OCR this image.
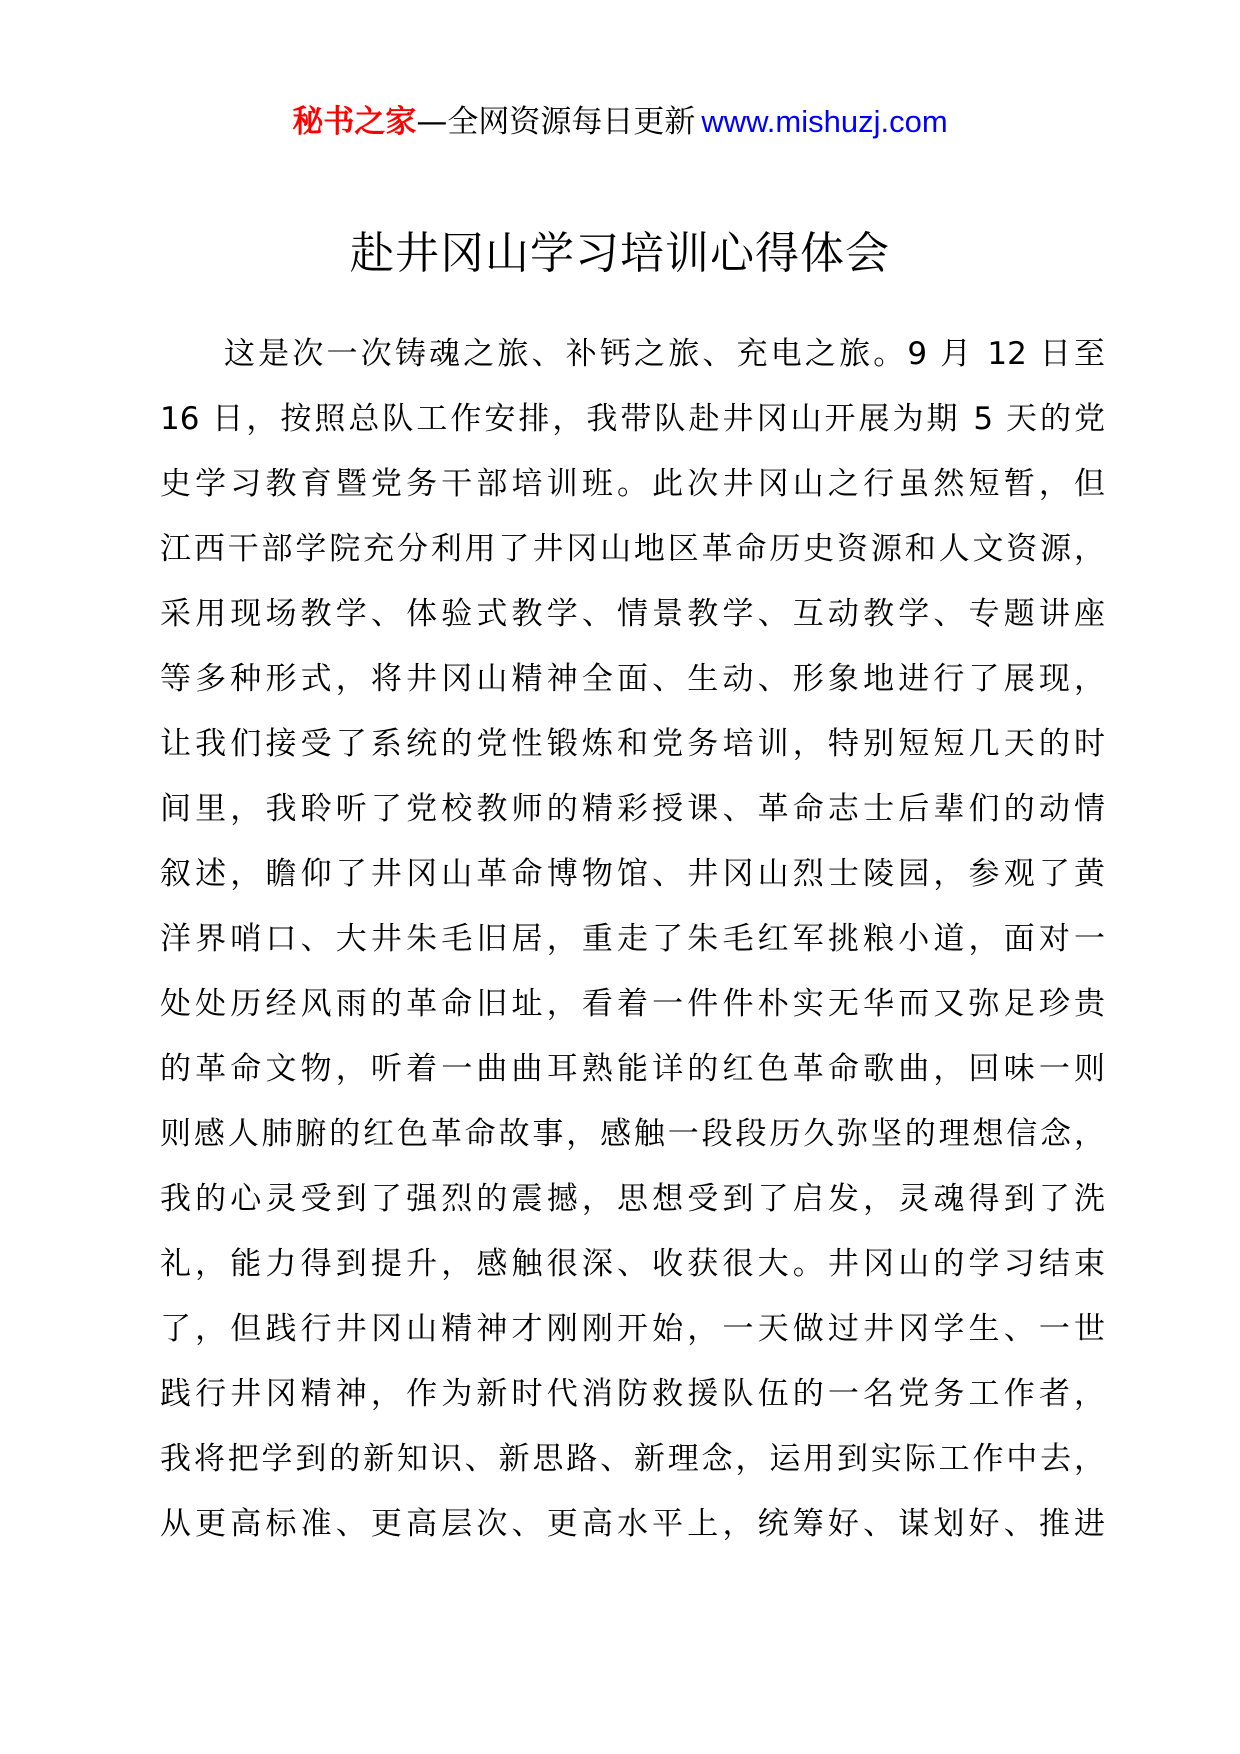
秘书之家—全网资源每日更新 www.mishuzj.com
赴井冈山学习培训心得体会
这是次一次铸魂之旅、补钙之旅、充电之旅。9 月 12 日至
16 日，按照总队工作安排，我带队赴井冈山开展为期 5 天的党
史学习教育暨党务干部培训班。此次井冈山之行虽然短暂，但
江西干部学院充分利用了井冈山地区革命历史资源和人文资源，
采用现场教学、体验式教学、情景教学、互动教学、专题讲座
等多种形式，将井冈山精神全面、生动、形象地进行了展现，
让我们接受了系统的党性锻炼和党务培训，特别短短几天的时
间里，我聆听了党校教师的精彩授课、革命志士后辈们的动情
叙述，瞻仰了井冈山革命博物馆、井冈山烈士陵园，参观了黄
洋界哨口、大井朱毛旧居，重走了朱毛红军挑粮小道，面对一
处处历经风雨的革命旧址，看着一件件朴实无华而又弥足珍贵
的革命文物，听着一曲曲耳熟能详的红色革命歌曲，回味一则
则感人肺腑的红色革命故事，感触一段段历久弥坚的理想信念，
我的心灵受到了强烈的震撼，思想受到了启发，灵魂得到了洗
礼，能力得到提升，感触很深、收获很大。井冈山的学习结束
了，但践行井冈山精神才刚刚开始，一天做过井冈学生、一世
践行井冈精神，作为新时代消防救援队伍的一名党务工作者，
我将把学到的新知识、新思路、新理念，运用到实际工作中去，
从更高标准、更高层次、更高水平上，统筹好、谋划好、推进
